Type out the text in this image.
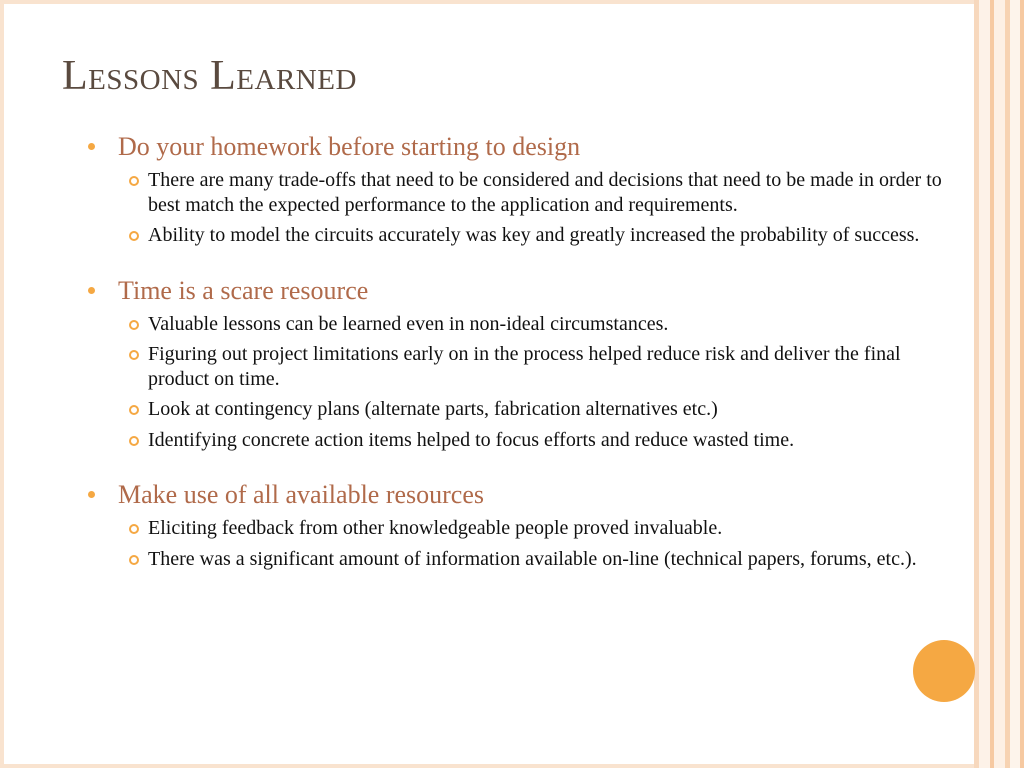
Lessons Learned
Do your homework before starting to design
There are many trade-offs that need to be considered and decisions that need to be made in order to best match the expected performance to the application and requirements.
Ability to model the circuits accurately was key and greatly increased the probability of success.
Time is a scare resource
Valuable lessons can be learned even in non-ideal circumstances.
Figuring out project limitations early on in the process helped reduce risk and deliver the final product on time.
Look at contingency plans (alternate parts, fabrication alternatives etc.)
Identifying concrete action items helped to focus efforts and reduce wasted time.
Make use of all available resources
Eliciting feedback from other knowledgeable people proved invaluable.
There was a significant amount of information available on-line (technical papers, forums, etc.).
